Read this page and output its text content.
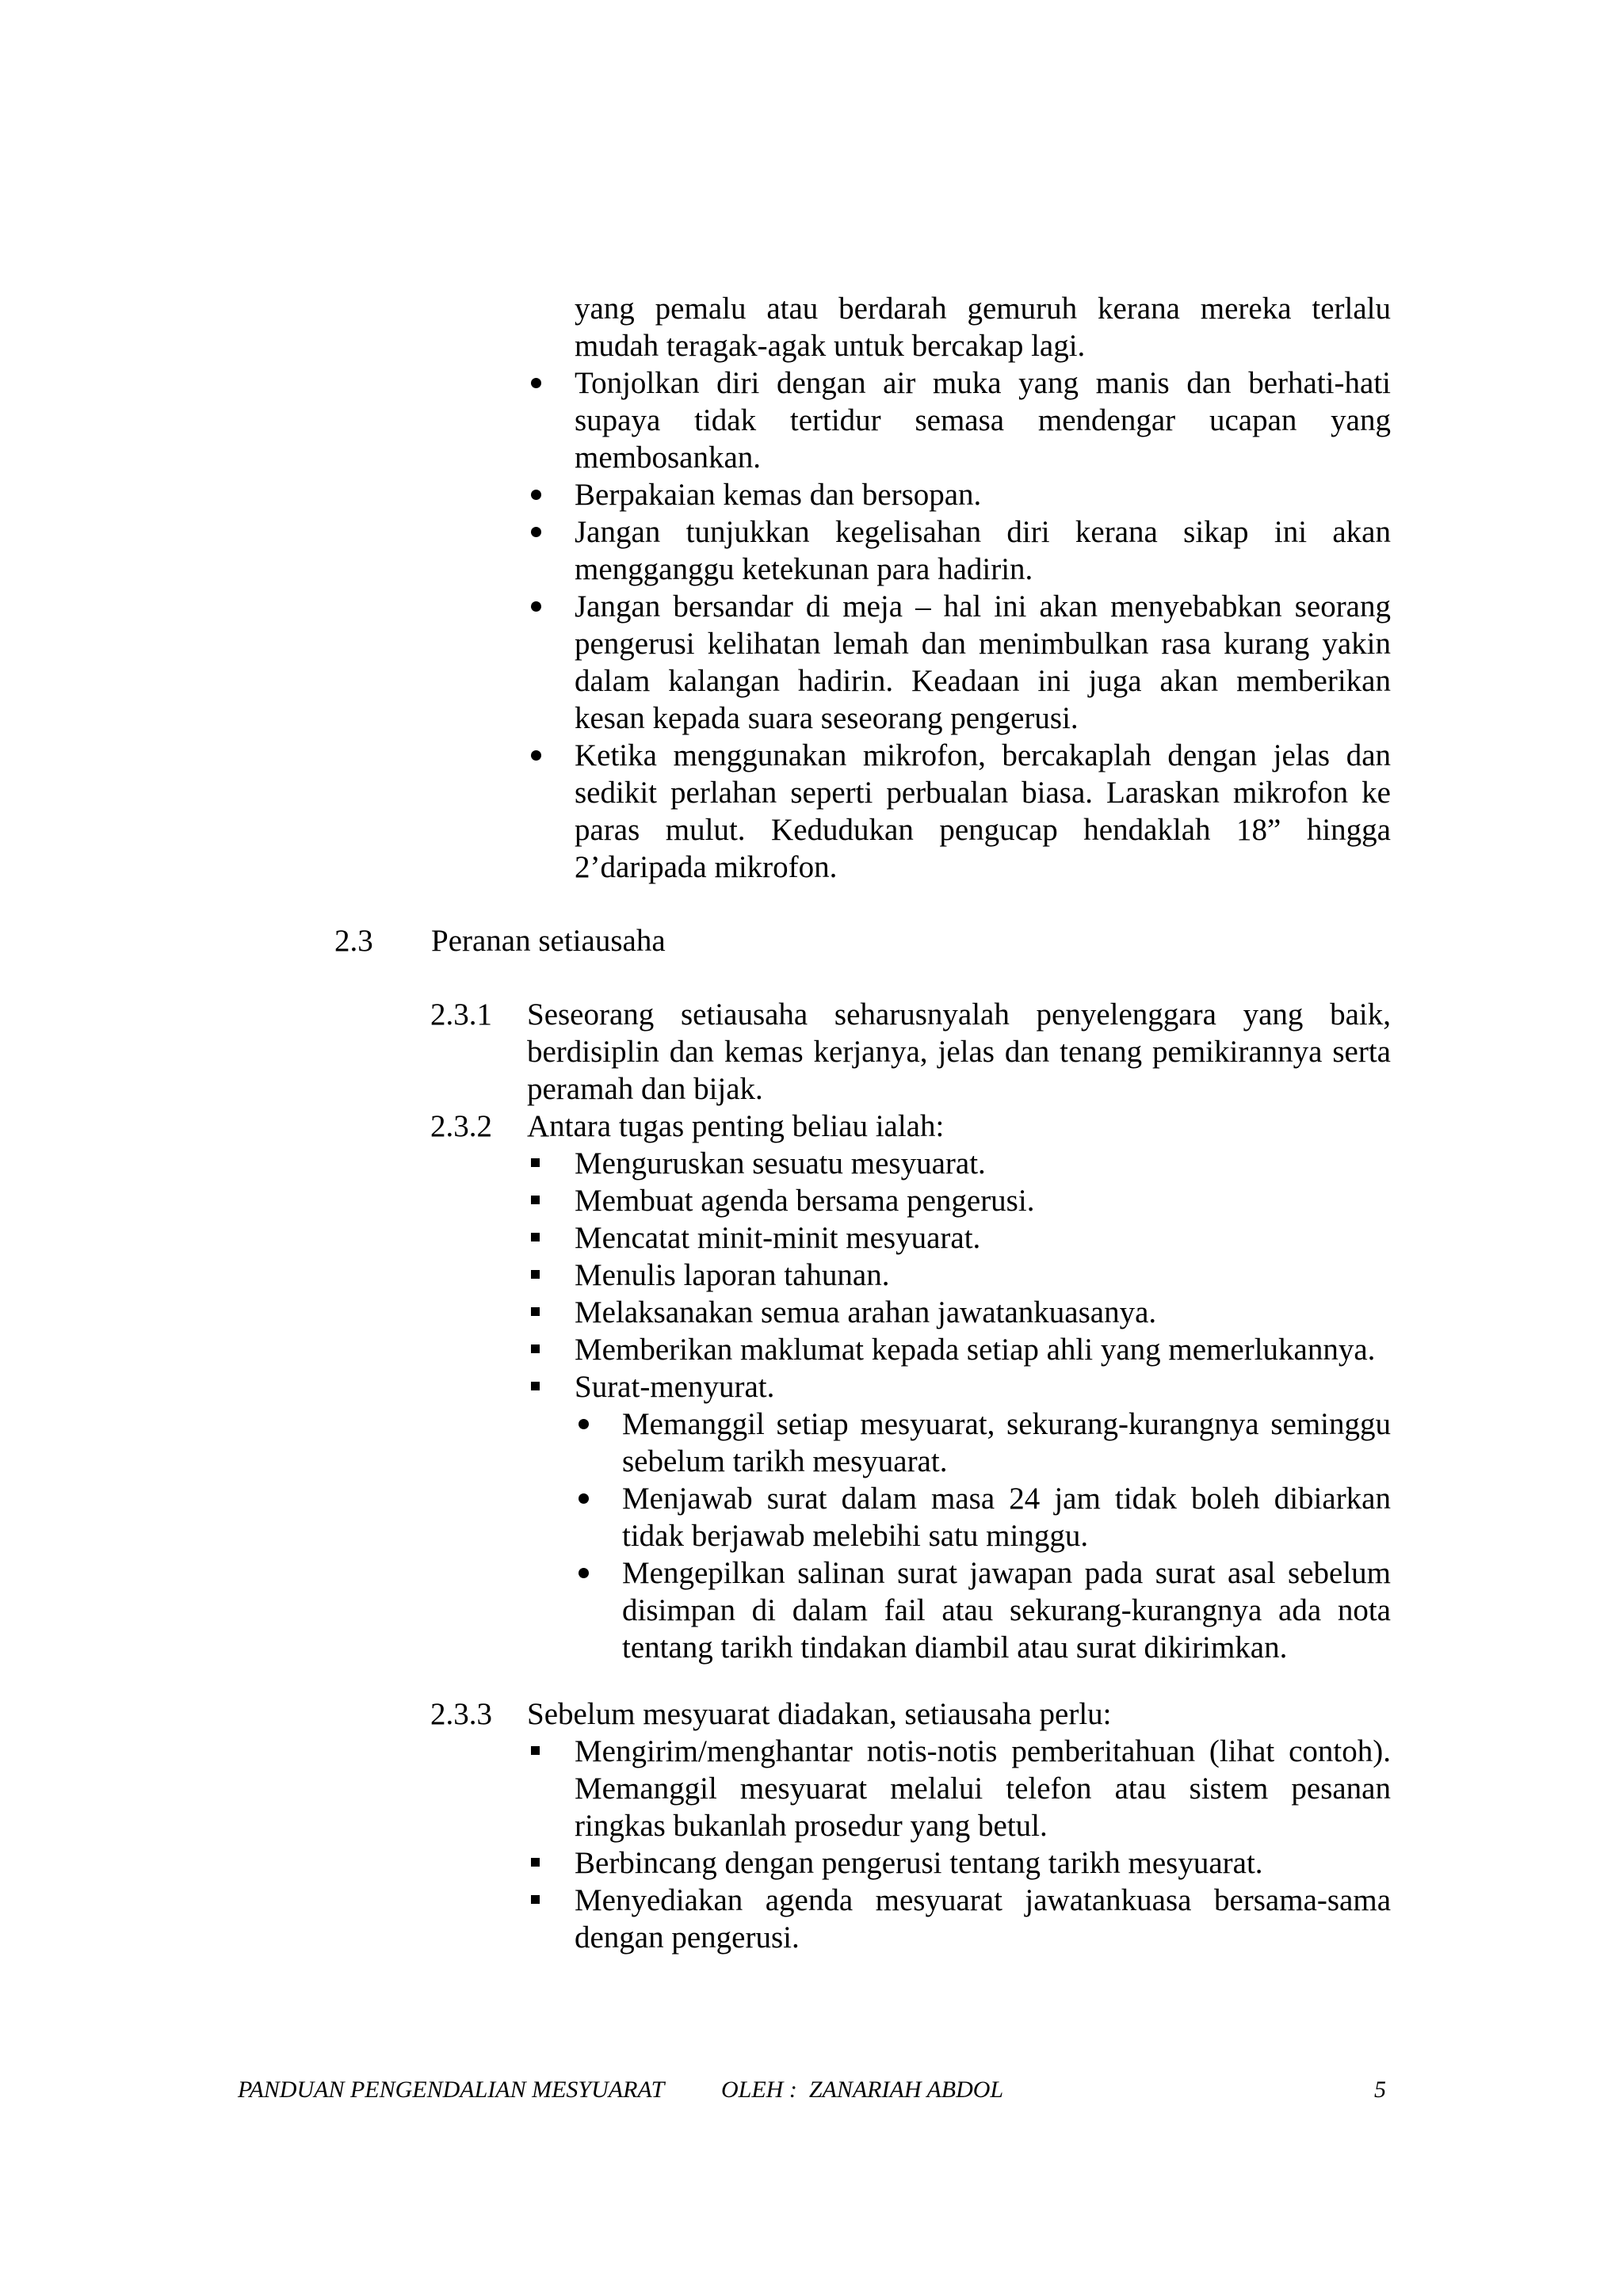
yang pemalu atau berdarah gemuruh kerana mereka terlalu mudah teragak-agak untuk bercakap lagi.
Tonjolkan diri dengan air muka yang manis dan berhati-hati supaya tidak tertidur semasa mendengar ucapan yang membosankan.
Berpakaian kemas dan bersopan.
Jangan tunjukkan kegelisahan diri kerana sikap ini akan mengganggu ketekunan para hadirin.
Jangan bersandar di meja – hal ini akan menyebabkan seorang pengerusi kelihatan lemah dan menimbulkan rasa kurang yakin dalam kalangan hadirin. Keadaan ini juga akan memberikan kesan kepada suara seseorang pengerusi.
Ketika menggunakan mikrofon, bercakaplah dengan jelas dan sedikit perlahan seperti perbualan biasa. Laraskan mikrofon ke paras mulut. Kedudukan pengucap hendaklah 18” hingga 2’daripada mikrofon.
2.3 Peranan setiausaha
2.3.1 Seseorang setiausaha seharusnyalah penyelenggara yang baik, berdisiplin dan kemas kerjanya, jelas dan tenang pemikirannya serta peramah dan bijak.
2.3.2 Antara tugas penting beliau ialah:
Menguruskan sesuatu mesyuarat.
Membuat agenda bersama pengerusi.
Mencatat minit-minit mesyuarat.
Menulis laporan tahunan.
Melaksanakan semua arahan jawatankuasanya.
Memberikan maklumat kepada setiap ahli yang memerlukannya.
Surat-menyurat.
Memanggil setiap mesyuarat, sekurang-kurangnya seminggu sebelum tarikh mesyuarat.
Menjawab surat dalam masa 24 jam tidak boleh dibiarkan tidak berjawab melebihi satu minggu.
Mengepilkan salinan surat jawapan pada surat asal sebelum disimpan di dalam fail atau sekurang-kurangnya ada nota tentang tarikh tindakan diambil atau surat dikirimkan.
2.3.3 Sebelum mesyuarat diadakan, setiausaha perlu:
Mengirim/menghantar notis-notis pemberitahuan (lihat contoh). Memanggil mesyuarat melalui telefon atau sistem pesanan ringkas bukanlah prosedur yang betul.
Berbincang dengan pengerusi tentang tarikh mesyuarat.
Menyediakan agenda mesyuarat jawatankuasa bersama-sama dengan pengerusi.
PANDUAN PENGENDALIAN MESYUARAT OLEH :  ZANARIAH ABDOL	5
